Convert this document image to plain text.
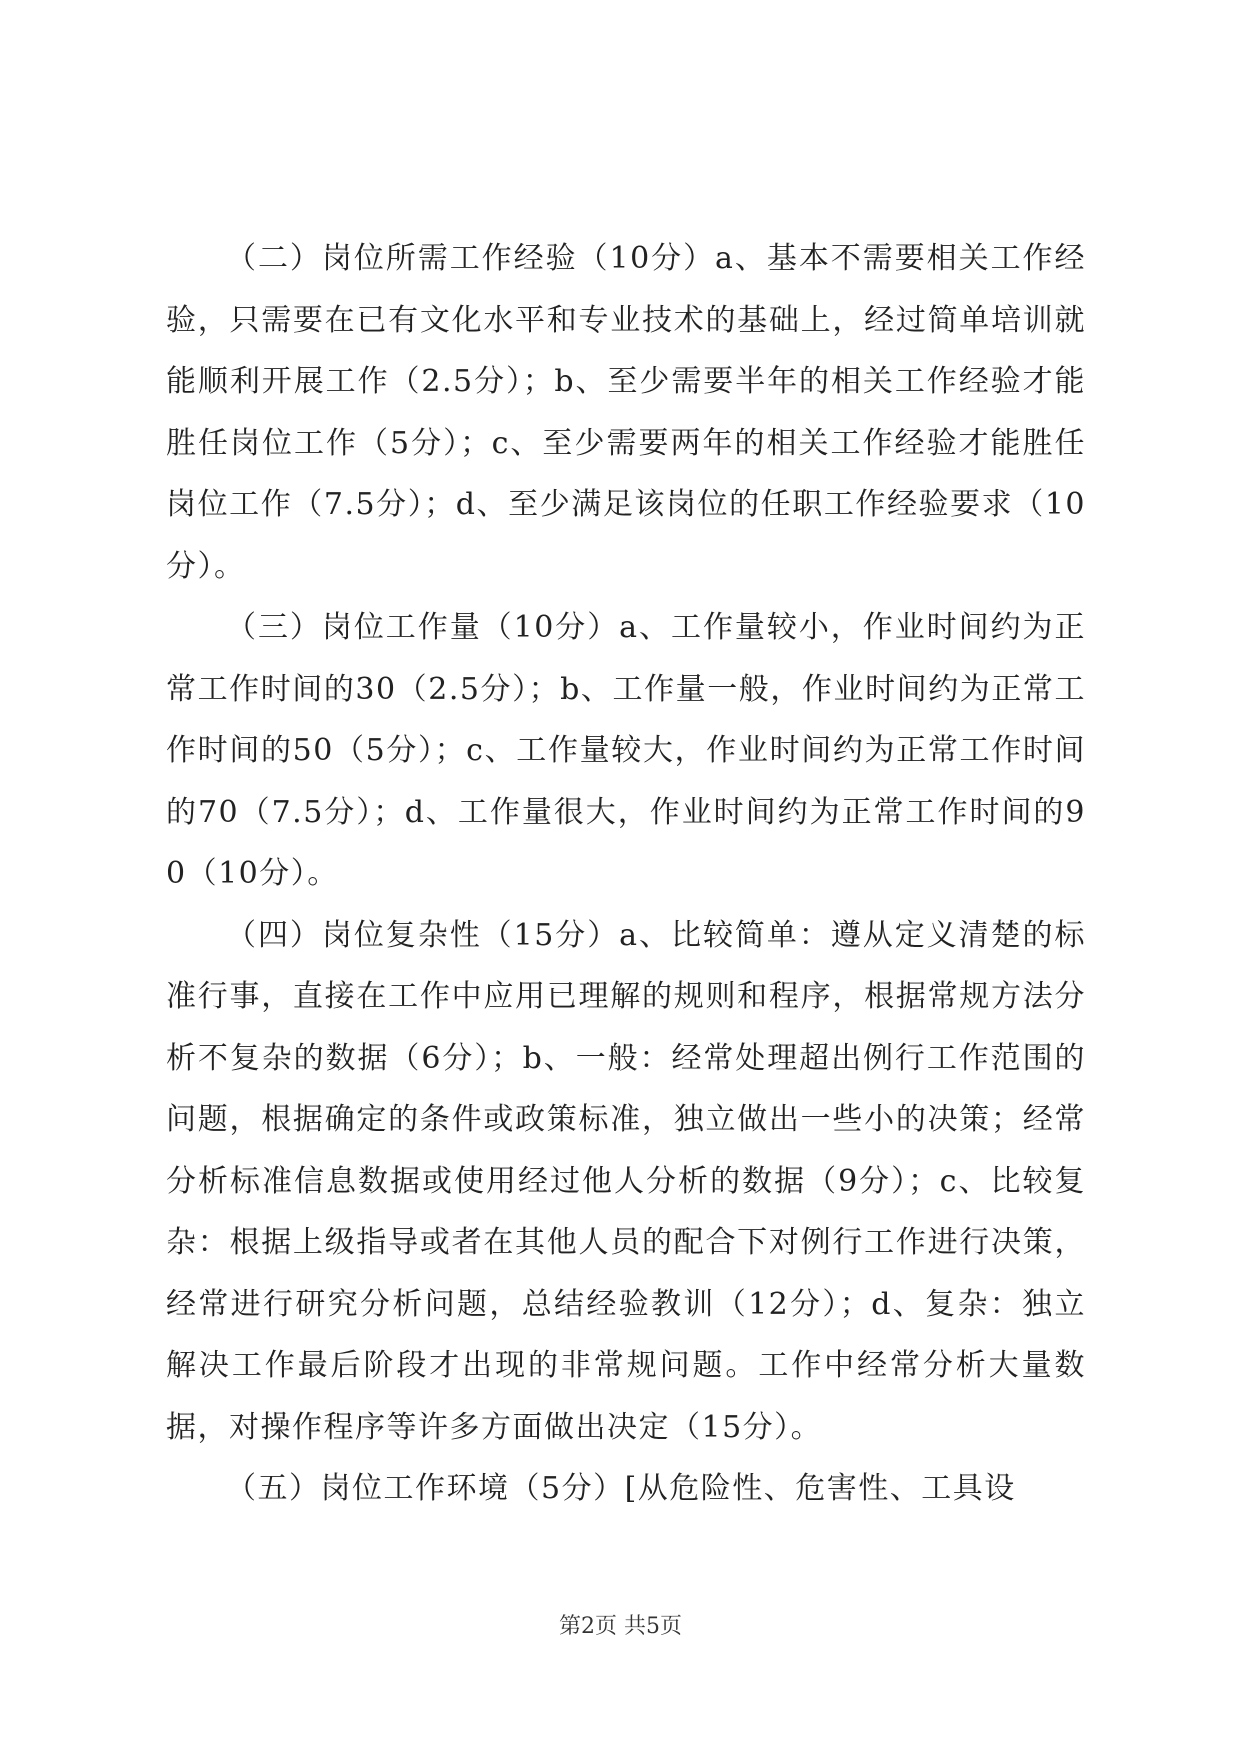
（二）岗位所需工作经验（10分）a、基本不需要相关工作经验，只需要在已有文化水平和专业技术的基础上，经过简单培训就能顺利开展工作（2.5分）；b、至少需要半年的相关工作经验才能胜任岗位工作（5分）；c、至少需要两年的相关工作经验才能胜任岗位工作（7.5分）；d、至少满足该岗位的任职工作经验要求（10分）。

（三）岗位工作量（10分）a、工作量较小，作业时间约为正常工作时间的30（2.5分）；b、工作量一般，作业时间约为正常工作时间的50（5分）；c、工作量较大，作业时间约为正常工作时间的70（7.5分）；d、工作量很大，作业时间约为正常工作时间的90（10分）。

（四）岗位复杂性（15分）a、比较简单：遵从定义清楚的标准行事，直接在工作中应用已理解的规则和程序，根据常规方法分析不复杂的数据（6分）；b、一般：经常处理超出例行工作范围的问题，根据确定的条件或政策标准，独立做出一些小的决策；经常分析标准信息数据或使用经过他人分析的数据（9分）；c、比较复杂：根据上级指导或者在其他人员的配合下对例行工作进行决策，经常进行研究分析问题，总结经验教训（12分）；d、复杂：独立解决工作最后阶段才出现的非常规问题。工作中经常分析大量数据，对操作程序等许多方面做出决定（15分）。

（五）岗位工作环境（5分）[从危险性、危害性、工具设

第2页 共5页
